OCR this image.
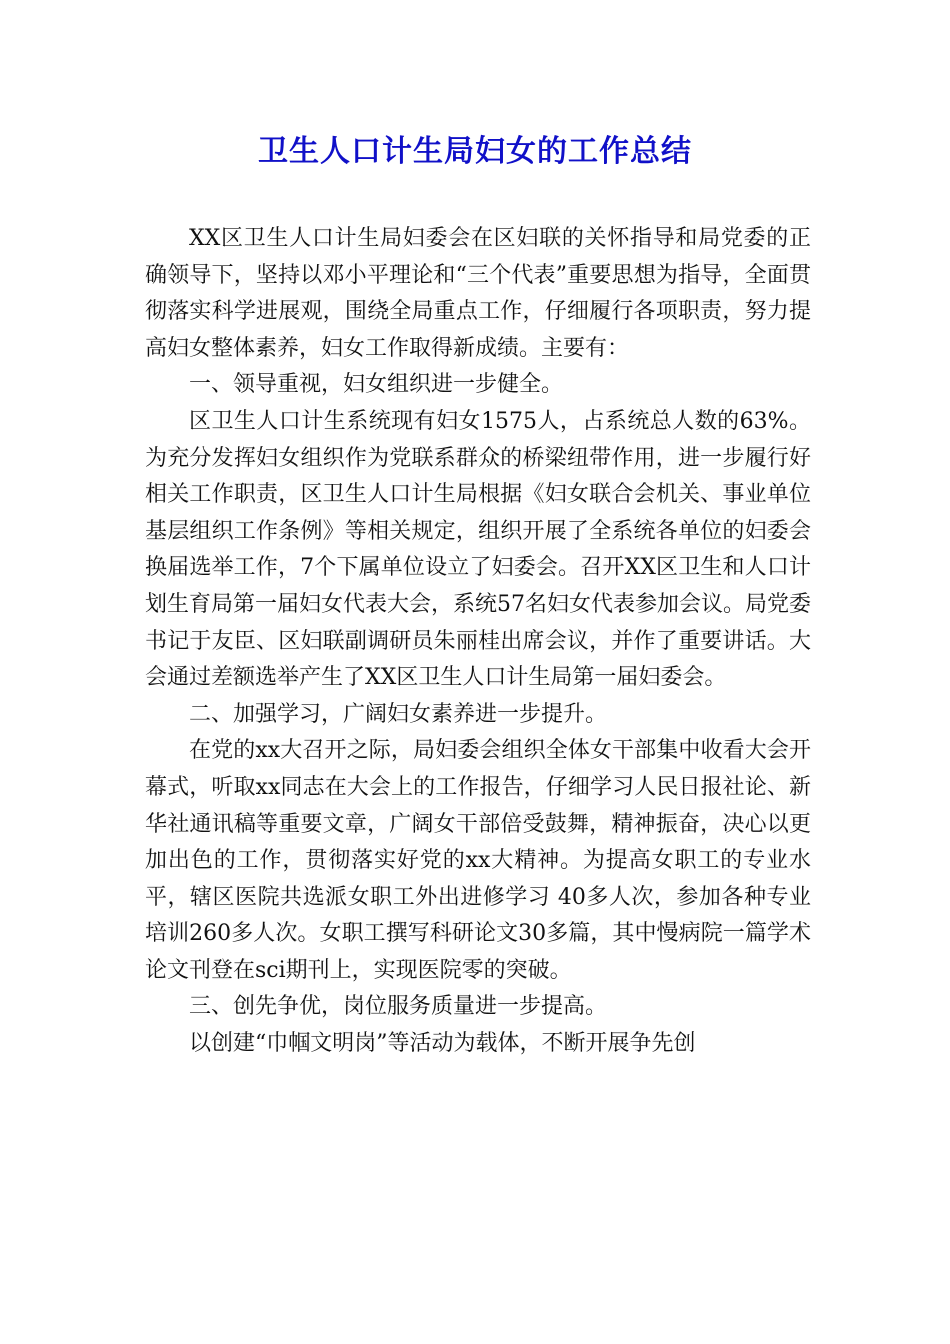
卫生人口计生局妇女的工作总结

XX区卫生人口计生局妇委会在区妇联的关怀指导和局党委的正确领导下，坚持以邓小平理论和“三个代表”重要思想为指导，全面贯彻落实科学进展观，围绕全局重点工作，仔细履行各项职责，努力提高妇女整体素养，妇女工作取得新成绩。主要有：

一、领导重视，妇女组织进一步健全。

区卫生人口计生系统现有妇女1575人，占系统总人数的63%。为充分发挥妇女组织作为党联系群众的桥梁纽带作用，进一步履行好相关工作职责，区卫生人口计生局根据《妇女联合会机关、事业单位基层组织工作条例》等相关规定，组织开展了全系统各单位的妇委会换届选举工作，7个下属单位设立了妇委会。召开XX区卫生和人口计划生育局第一届妇女代表大会，系统57名妇女代表参加会议。局党委书记于友臣、区妇联副调研员朱丽桂出席会议，并作了重要讲话。大会通过差额选举产生了XX区卫生人口计生局第一届妇委会。

二、加强学习，广阔妇女素养进一步提升。

在党的xx大召开之际，局妇委会组织全体女干部集中收看大会开幕式，听取xx同志在大会上的工作报告，仔细学习人民日报社论、新华社通讯稿等重要文章，广阔女干部倍受鼓舞，精神振奋，决心以更加出色的工作，贯彻落实好党的xx大精神。为提高女职工的专业水平，辖区医院共选派女职工外出进修学习 40多人次，参加各种专业培训260多人次。女职工撰写科研论文30多篇，其中慢病院一篇学术论文刊登在sci期刊上，实现医院零的突破。

三、创先争优，岗位服务质量进一步提高。

以创建“巾帼文明岗”等活动为载体，不断开展争先创
